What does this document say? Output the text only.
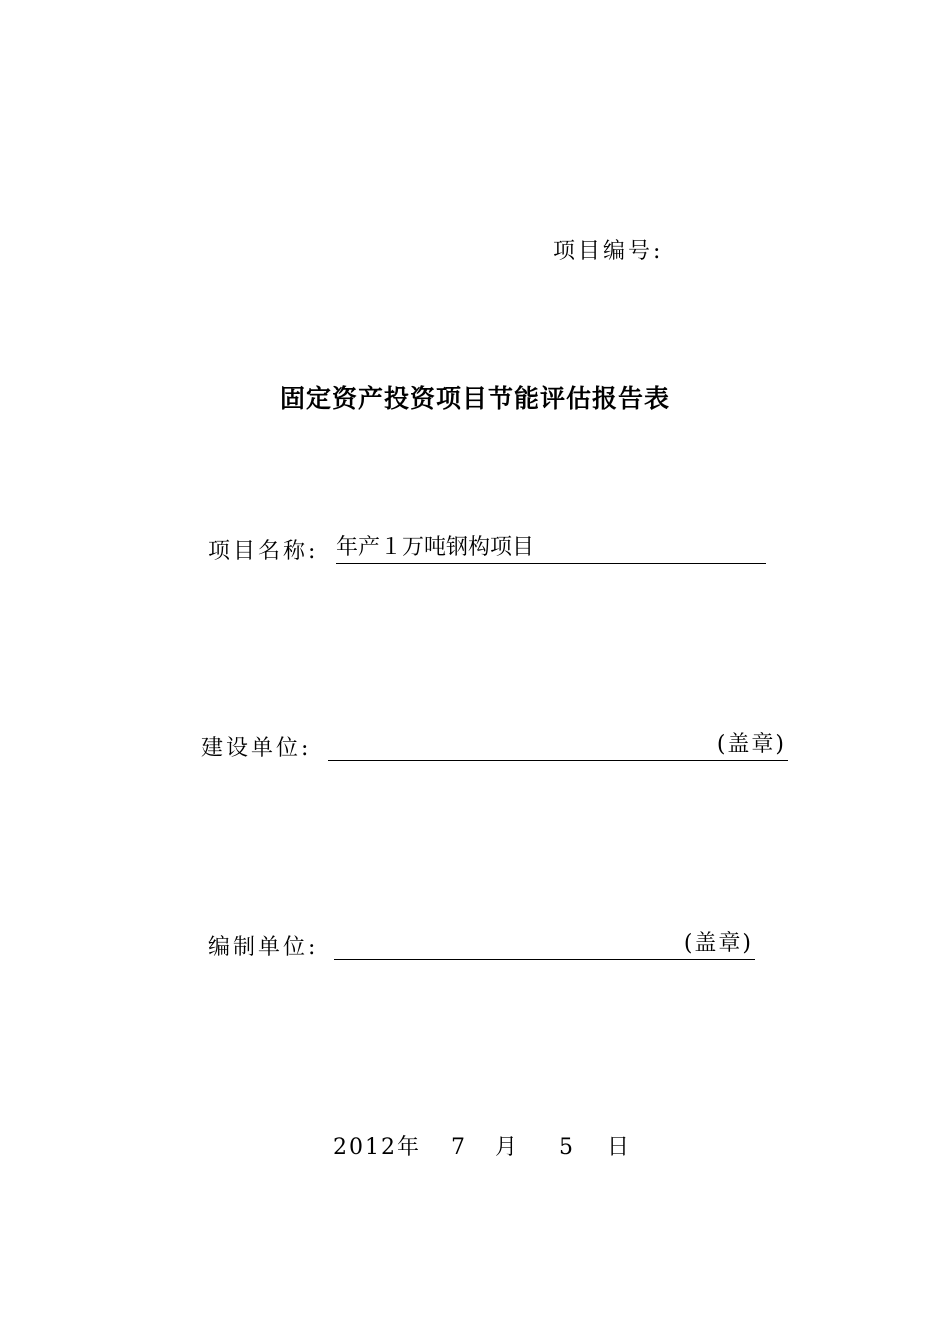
项目编号:
固定资产投资项目节能评估报告表
项目名称: 年产１万吨钢构项目
建设单位:	(盖章)
编制单位:	(盖章)
2012年 7 月 5 日
